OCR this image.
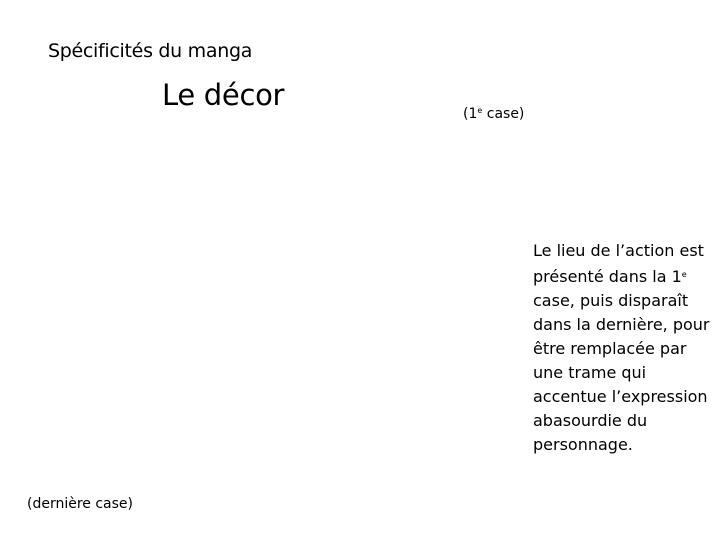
Spécificités du manga
Le décor
(1e case)
(dernière case)

Le lieu de l’action est présenté dans la 1e case, puis disparaît dans la dernière, pour être remplacée par une trame qui accentue l’expression abasourdie du personnage.
